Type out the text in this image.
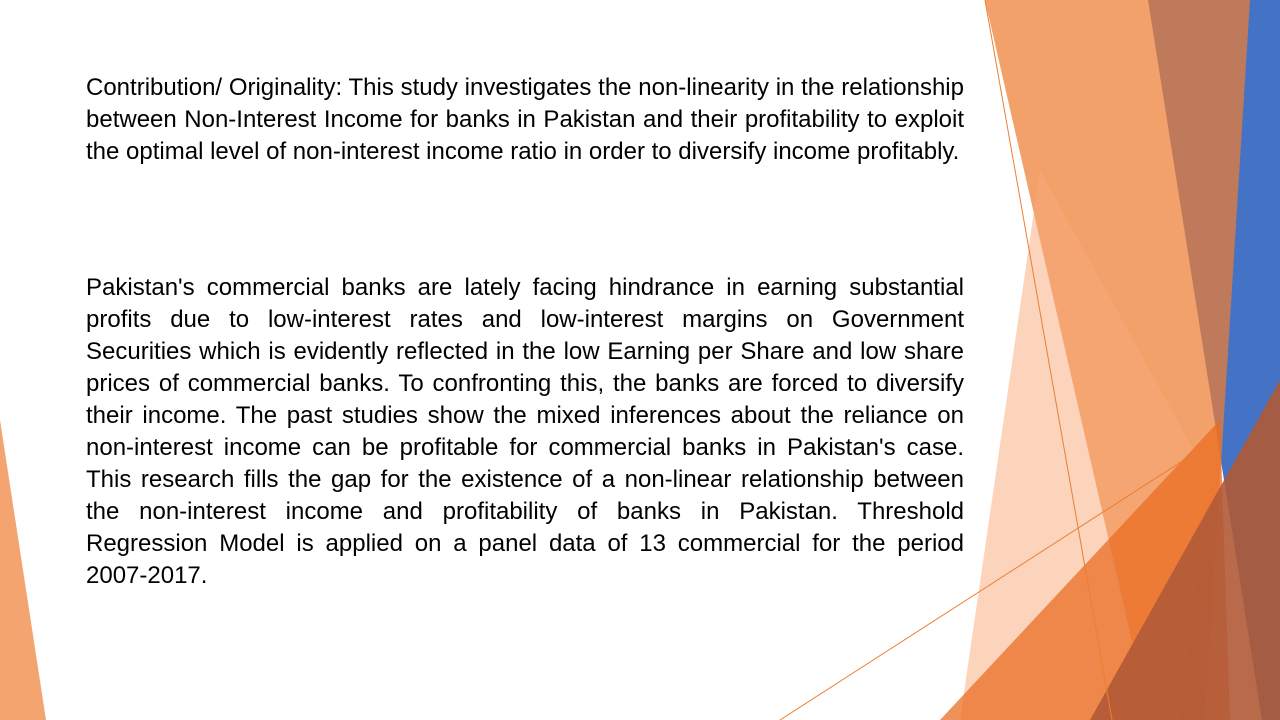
Contribution/ Originality: This study investigates the non-linearity in the relationship between Non-Interest Income for banks in Pakistan and their profitability to exploit the optimal level of non-interest income ratio in order to diversify income profitably.

Pakistan's commercial banks are lately facing hindrance in earning substantial profits due to low-interest rates and low-interest margins on Government Securities which is evidently reflected in the low Earning per Share and low share prices of commercial banks. To confronting this, the banks are forced to diversify their income. The past studies show the mixed inferences about the reliance on non-interest income can be profitable for commercial banks in Pakistan's case. This research fills the gap for the existence of a non-linear relationship between the non-interest income and profitability of banks in Pakistan. Threshold Regression Model is applied on a panel data of 13 commercial for the period 2007-2017.
